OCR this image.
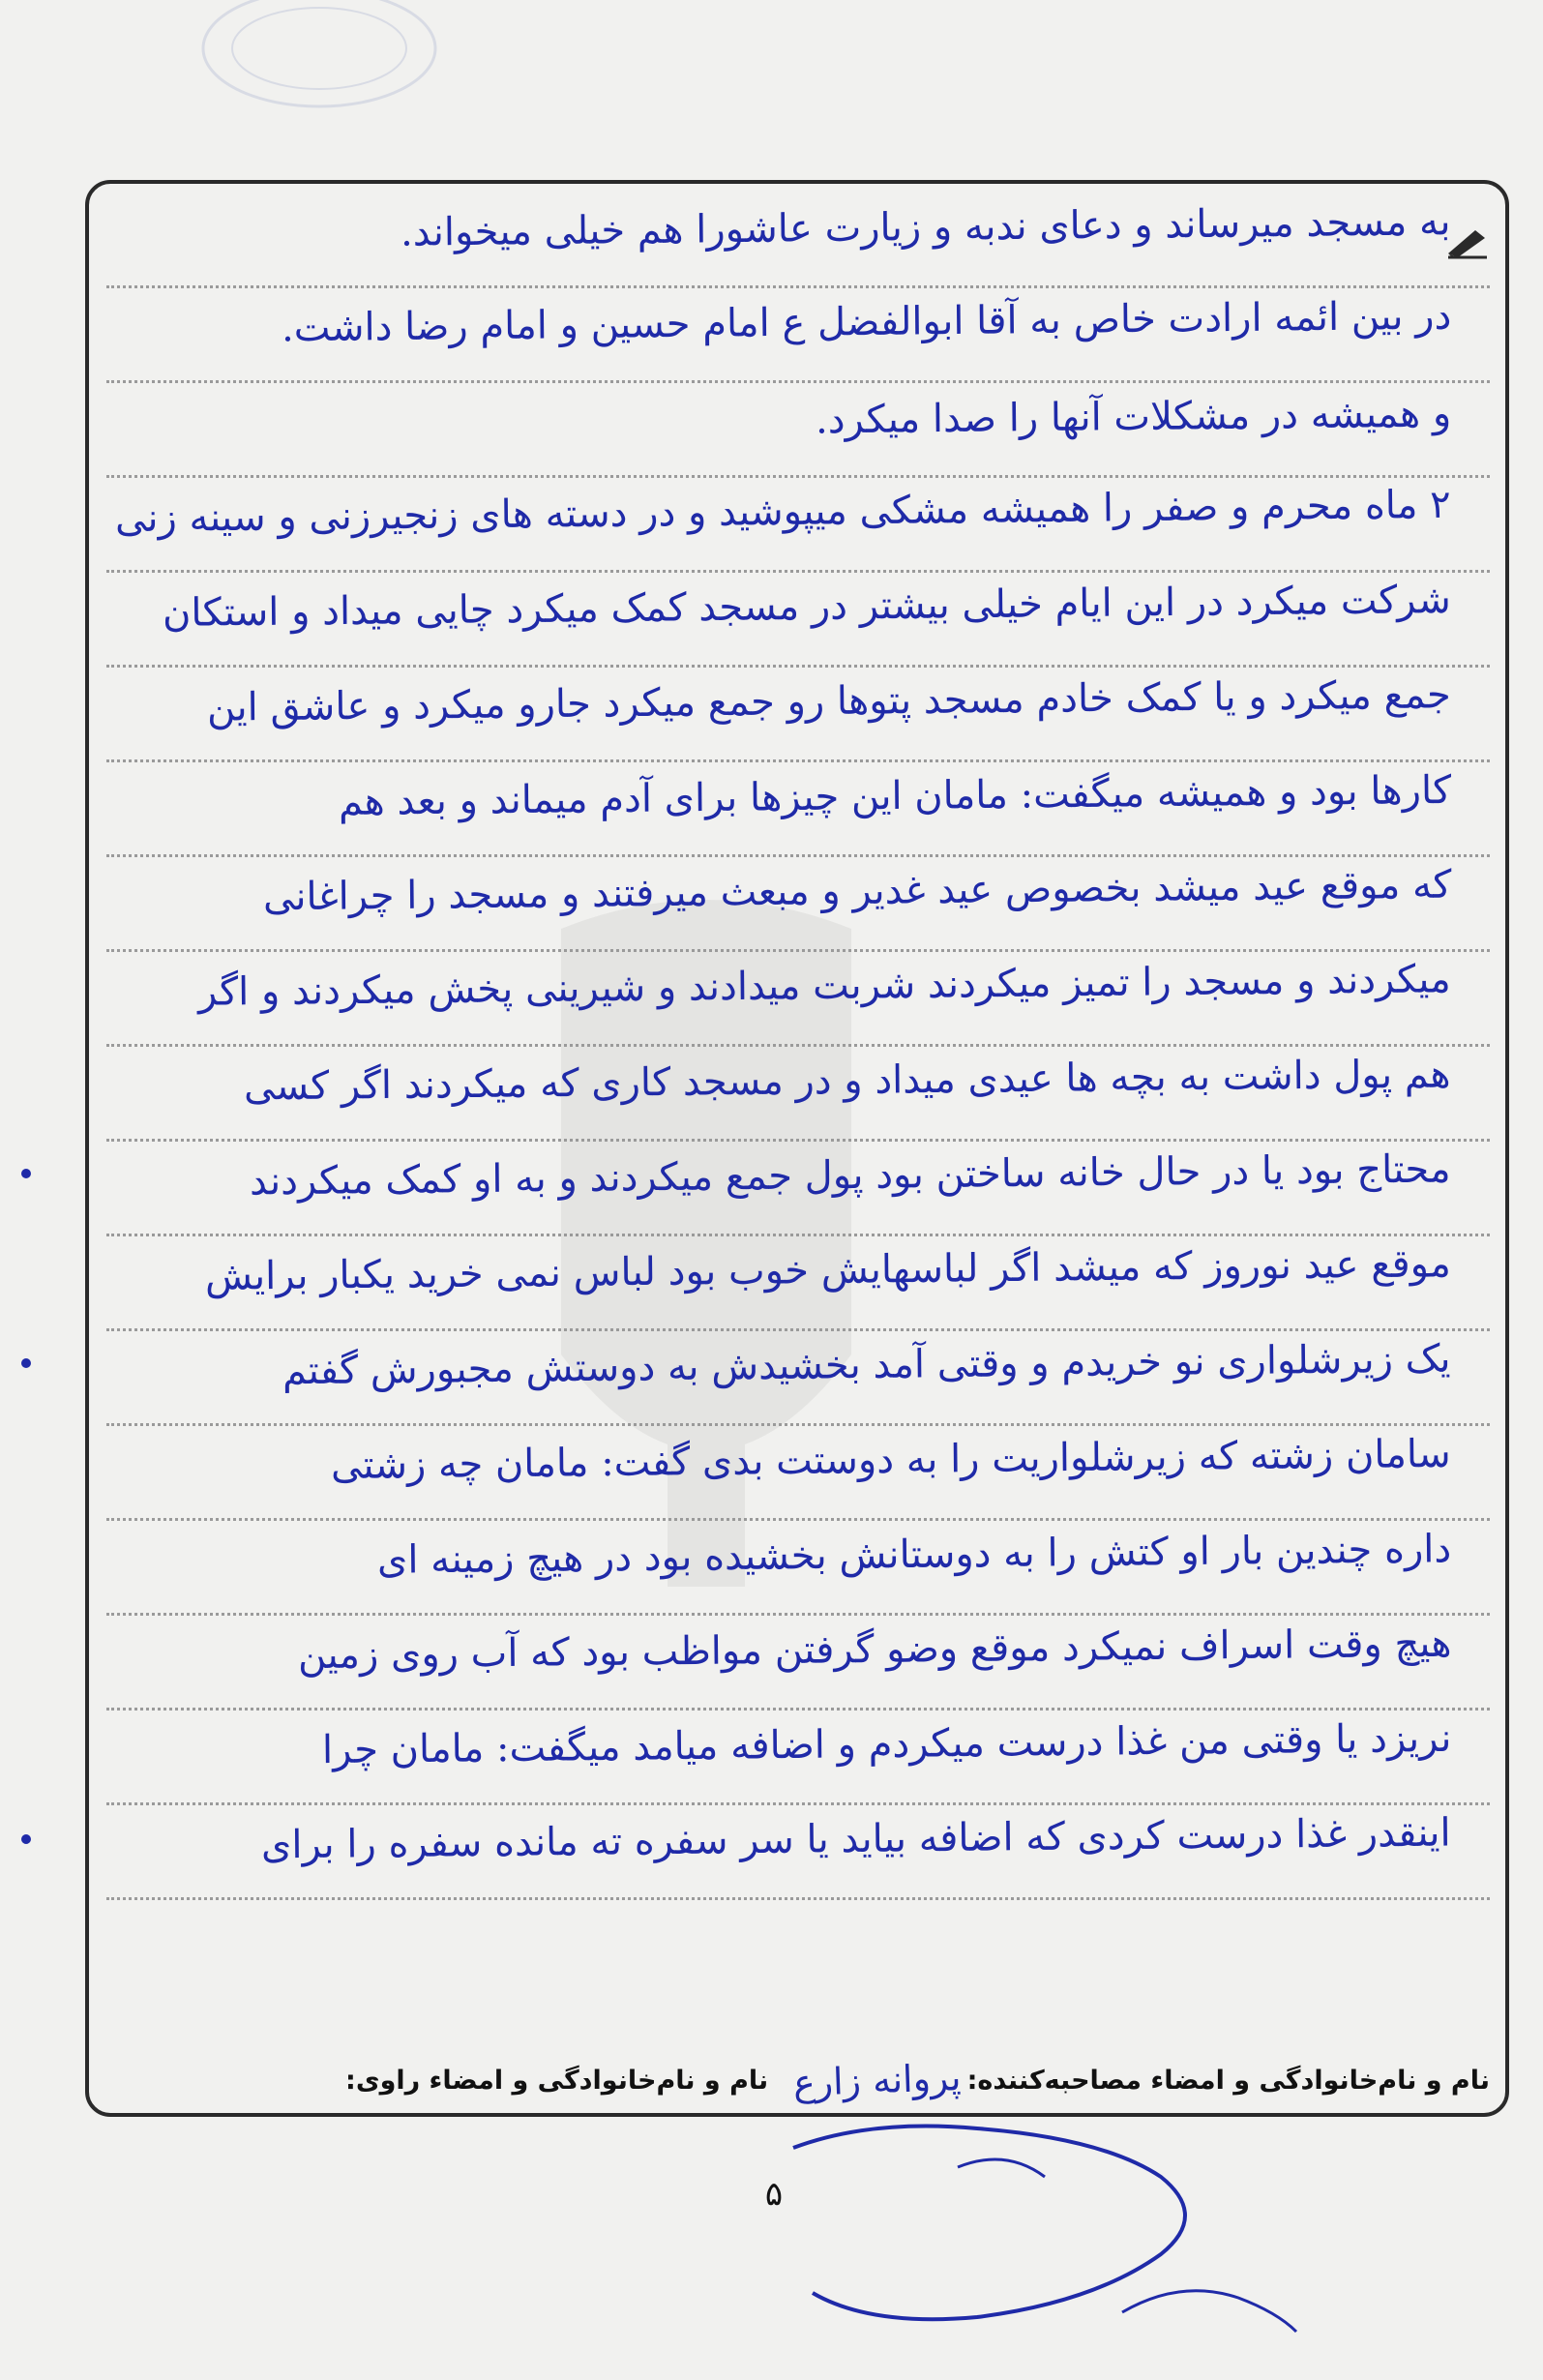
به مسجد میرساند و دعای ندبه و زیارت عاشورا هم خیلی میخواند.
در بین ائمه ارادت خاص به آقا ابوالفضل ع امام حسین و امام رضا داشت.
و همیشه در مشکلات آنها را صدا میکرد.
۲ ماه محرم و صفر را همیشه مشکی میپوشید و در دسته های زنجیرزنی و سینه زنی
شرکت میکرد در این ایام خیلی بیشتر در مسجد کمک میکرد چایی میداد و استکان
جمع میکرد و یا کمک خادم مسجد پتوها رو جمع میکرد جارو میکرد و عاشق این
کارها بود و همیشه میگفت: مامان این چیزها برای آدم میماند و بعد هم
که موقع عید میشد بخصوص عید غدیر و مبعث میرفتند و مسجد را چراغانی
میکردند و مسجد را تمیز میکردند شربت میدادند و شیرینی پخش میکردند و اگر
هم پول داشت به بچه ها عیدی میداد و در مسجد کاری که میکردند اگر کسی
محتاج بود یا در حال خانه ساختن بود پول جمع میکردند و به او کمک میکردند
موقع عید نوروز که میشد اگر لباسهایش خوب بود لباس نمی خرید یکبار برایش
یک زیرشلواری نو خریدم و وقتی آمد بخشیدش به دوستش مجبورش گفتم
سامان زشته که زیرشلواریت را به دوستت بدی گفت: مامان چه زشتی
داره چندین بار او کتش را به دوستانش بخشیده بود در هیچ زمینه ای
هیچ وقت اسراف نمیکرد موقع وضو گرفتن مواظب بود که آب روی زمین
نریزد یا وقتی من غذا درست میکردم و اضافه میامد میگفت: مامان چرا
اینقدر غذا درست کردی که اضافه بیاید یا سر سفره ته مانده سفره را برای
نام و نام‌خانوادگی و امضاء مصاحبه‌کننده:
پروانه زارع
نام و نام‌خانوادگی و امضاء راوی:
۵
